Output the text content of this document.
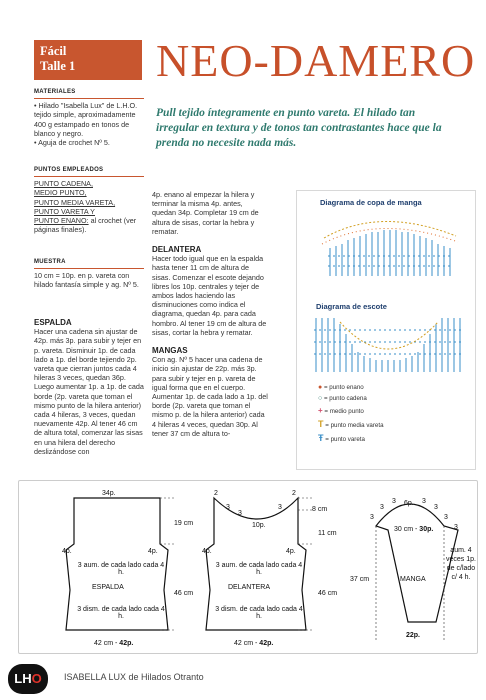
Fácil
Talle 1	NEO-DAMERO
Pull tejido íntegramente en punto vareta. El hilado tan irregular en textura y de tonos tan contrastantes hace que la prenda no necesite nada más.
MATERIALES
• Hilado "Isabella Lux" de L.H.O. tejido simple, aproximadamente 400 g estampado en tonos de blanco y negro.
• Aguja de crochet Nº 5.
PUNTOS EMPLEADOS
PUNTO CADENA,
MEDIO PUNTO,
PUNTO MEDIA VARETA,
PUNTO VARETA Y
PUNTO ENANO: al crochet (ver páginas finales).
MUESTRA
10 cm = 10p. en p. vareta con hilado fantasía simple y ag. Nº 5.
ESPALDA
Hacer una cadena sin ajustar de 42p. más 3p. para subir y tejer en p. vareta. Disminuir 1p. de cada lado a 1p. del borde tejiendo 2p. vareta que cierran juntos cada 4 hileras 3 veces, quedan 36p. Luego aumentar 1p. a 1p. de cada borde (2p. vareta que toman el mismo punto de la hilera anterior) cada 4 hileras, 3 veces, quedan nuevamente 42p. Al tener 46 cm de altura total, comenzar las sisas en una hilera del derecho deslizándose con
4p. enano al empezar la hilera y terminar la misma 4p. antes, quedan 34p. Completar 19 cm de altura de sisas, cortar la hebra y rematar.
DELANTERA
Hacer todo igual que en la espalda hasta tener 11 cm de altura de sisas. Comenzar el escote dejando libres los 10p. centrales y tejer de ambos lados haciendo las disminuciones como indica el diagrama, quedan 4p. para cada hombro. Al tener 19 cm de altura de sisas, cortar la hebra y rematar.
MANGAS
Con ag. Nº 5 hacer una cadena de inicio sin ajustar de 22p. más 3p. para subir y tejer en p. vareta de igual forma que en el cuerpo. Aumentar 1p. de cada lado a 1p. del borde (2p. vareta que toman el mismo p. de la hilera anterior) cada 4 hileras 4 veces, quedan 30p. Al tener 37 cm de altura to-
Diagrama de copa de manga
Diagrama de escote
● = punto enano
○ = punto cadena
+ = medio punto
T = punto media vareta
Ŧ = punto vareta
34p.
19 cm
46 cm
4p.	4p.
3 aum. de cada lado cada 4 h.
ESPALDA
3 dism. de cada lado cada 4 h.
42 cm - 42p.
8 cm
11 cm
46 cm
2
3
3
3
2
10p.
4p.	4p.
3 aum. de cada lado cada 4 h.
DELANTERA
3 dism. de cada lado cada 4 h.
42 cm - 42p.
6p.
3
3
3	3
3
3
3
30 cm - 30p.
37 cm	MANGA
aum. 4 veces 1p. de c/lado c/ 4 h.
22p.
LHO	ISABELLA LUX de Hilados Otranto
